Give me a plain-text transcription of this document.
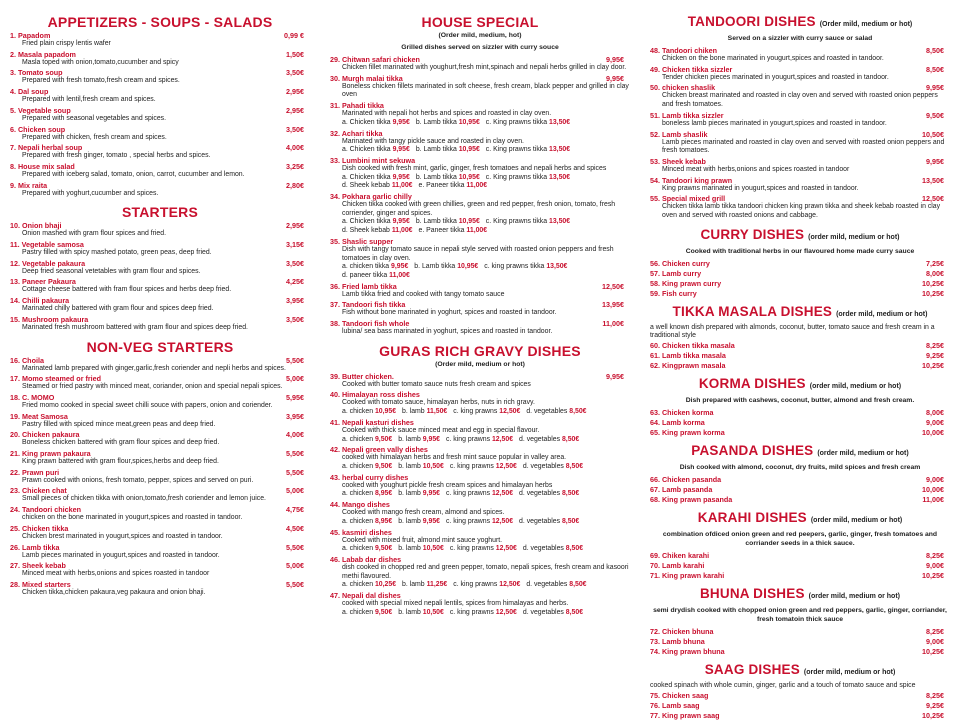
APPETIZERS - SOUPS - SALADS
1. Papadom	0,99 €
Fried plain crispy lentis wafer
2. Masala papadom	1,50€
Masla toped with onion,tomato,cucumber and spicy
3. Tomato soup	3,50€
Prepared with fresh tomato,fresh cream and spices.
4. Dal soup	2,95€
Prepared with lentil,fresh cream and spices.
5. Vegetable soup	2,95€
Prepared with seasonal vegetables and spices.
6. Chicken soup	3,50€
Prepared with chicken, fresh cream and spices.
7. Nepali herbal soup	4,00€
Prepared with fresh ginger, tomato , special herbs and spices.
8. House mix salad	3,25€
Prepared with iceberg salad, tomato, onion, carrot, cucumber and lemon.
9. Mix raita	2,80€
Prepared with yoghurt,cucumber and spices.
STARTERS
10. Onion bhaji	2,95€
Onion mashed with gram flour spices and fried.
11. Vegetable samosa	3,15€
Pastry filled with spicy mashed potato, green peas, deep fried.
12. Vegetable pakaura	3,50€
Deep fried seasonal vetetables with gram flour and spices.
13. Paneer Pakaura	4,25€
Cottage cheese battered with fram flour spices and herbs deep fried.
14. Chilli pakaura	3,95€
Marinated chilly battered with gram flour and spices deep fried.
15. Mushroom pakaura	3,50€
Marinated fresh mushroom battered with gram flour and spices deep fried.
NON-VEG STARTERS
16. Choila	5,50€
Marinated lamb prepared with ginger,garlic,fresh coriender and nepli herbs and spices.
17. Momo steamed or fried	5,00€
Steamed or fried pastry with minced meat, coriander, onion and special nepali spices.
18. C. MOMO	5,95€
Fried momo cooked in special sweet chilli souce with papers, onion and coriender.
19. Meat Samosa	3,95€
Pastry filled with spiced mince meat,green peas and deep fried.
20. Chicken pakaura	4,00€
Boneless chicken battered with gram flour spices and deep fried.
21. King prawn pakaura	5,50€
King prawn battered with gram flour,spices,herbs and deep fried.
22. Prawn puri	5,50€
Prawn cooked with onions, fresh tomato, pepper, spices and served on puri.
23. Chicken chat	5,00€
Small pieces of chicken tikka with onion,tomato,fresh coriender and lemon juice.
24. Tandoori chicken	4,75€
chicken on the bone marinated in yougurt,spices and roasted in tandoor.
25. Chicken tikka	4,50€
Chicken brest marinated in yougurt,spices and roasted in tandoor.
26. Lamb tikka	5,50€
Lamb pieces marinated in yougurt,spices and roasted in tandoor.
27. Sheek kebab	5,00€
Minced meat with herbs,onions and spices roasted in tandoor
28. Mixed starters	5,50€
Chicken tikka,chicken pakaura,veg pakaura and onion bhaji.
HOUSE SPECIAL
(Order mild, medium, hot)
Grilled dishes served on sizzler with curry souce
29. Chitwan safari chicken	9,95€
Chicken fillet marinated with youghurt,fresh mint,spinach and nepali herbs grilled in clay door.
30. Murgh malai tikka	9,95€
Boneless chicken fillets marinated in soft cheese, fresh cream, black pepper and grilled in clay oven
31. Pahadi tikka
Marinated with nepali hot herbs and spices and roasted in clay oven.
a. Chicken tikka 9,95€ b. Lamb tikka 10,95€ c. King prawns tikka 13,50€
32. Achari tikka
Marinated with tangy pickle sauce and roasted in clay oven.
a. Chicken tikka 9,95€ b. Lamb tikka 10,95€ c. King prawns tikka 13,50€
33. Lumbini mint sekuwa
Dish cooked with fresh mint, garlic, ginger, fresh tomatoes and nepali herbs and spices
a. Chicken tikka 9,95€ b. Lamb tikka 10,95€ c. King prawns tikka 13,50€
d. Sheek kebab 11,00€ e. Paneer tikka 11,00€
34. Pokhara garlic chilly
Chicken tikka cooked with green chillies, green and red pepper, fresh onion, tomato, fresh corriender, ginger and spices.
a. Chicken tikka 9,95€ b. Lamb tikka 10,95€ c. King prawns tikka 13,50€
d. Sheek kebab 11,00€ e. Paneer tikka 11,00€
35. Shaslic supper
Dish with tangy tomato sauce in nepali style served with roasted onion peppers and fresh tomatoes in clay oven.
a. chicken tikka 9,95€ b. Lamb tikka 10,95€ c. king prawns tikka 13,50€
d. paneer tikka 11,00€
36. Fried lamb tikka	12,50€
Lamb tikka fried and cooked with tangy tomato sauce
37. Tandoori fish tikka	13,95€
Fish without bone marinated in yoghurt, spices and roasted in tandoor.
38. Tandoori fish whole	11,00€
lubina/ sea bass marinated in yoghurt, spices and roasted in tandoor.
GURAS RICH GRAVY DISHES
(Order mild, medium or hot)
39. Butter chicken.	9,95€
Cooked with butter tomato sauce nuts fresh cream and spices
40. Himalayan ross dishes
Cooked with tomato sauce, himalayan herbs, nuts in rich gravy.
a. chicken 10,95€ b. lamb 11,50€ c. king prawns 12,50€ d. vegetables 8,50€
41. Nepali kasturi dishes
Cooked with thick sauce minced meat and egg in special flavour.
a. chicken 9,50€ b. lamb 9,95€ c. king prawns 12,50€ d. vegetables 8,50€
42. Nepali green vally dishes
cooked with himalayan herbs and fresh mint sauce popular in valley area.
a. chicken 9,50€ b. lamb 10,50€ c. king prawns 12,50€ d. vegetables 8,50€
43. herbal curry dishes
cooked with youghurt pickle fresh cream spices and himalayan herbs
a. chicken 8,95€ b. lamb 9,95€ c. king prawns 12,50€ d. vegetables 8,50€
44. Mango dishes
Cooked with mango fresh cream, almond and spices.
a. chicken 8,95€ b. lamb 9,95€ c. king prawns 12,50€ d. vegetables 8,50€
45. kasmiri dishes
Cooked with mixed fruit, almond mint sauce yoghurt.
a. chicken 9,50€ b. lamb 10,50€ c. king prawns 12,50€ d. vegetables 8,50€
46. Labab dar dishes
dish cooked in chopped red and green pepper, tomato, nepali spices, fresh cream and kasoori methi flavoured.
a. chicken 10,25€ b. lamb 11,25€ c. king prawns 12,50€ d. vegetables 8,50€
47. Nepali dal dishes
cooked with special mixed nepali lentils, spices from himalayas and herbs.
a. chicken 9,50€ b. lamb 10,50€ c. king prawns 12,50€ d. vegetables 8,50€
TANDOORI DISHES (Order mild, medium or hot)
Served on a sizzler with curry sauce or salad
48. Tandoori chiken	8,50€
Chicken on the bone marinated in yougurt,spices and roasted in tandoor.
49. Chicken tikka sizzler	8,50€
Tender chicken pieces marinated in yougurt,spices and roasted in tandoor.
50. chicken shaslik	9,95€
Chicken breast marinated and roasted in clay oven and served with roasted onion peppers and fresh tomatoes.
51. Lamb tikka sizzler	9,50€
boneless lamb pieces marinated in yougurt,spices and roasted in tandoor.
52. Lamb shaslik	10,50€
Lamb pieces marinated and roasted in clay oven and served with roasted onion peppers and fresh tomatoes.
53. Sheek kebab	9,95€
Minced meat with herbs,onions and spices roasted in tandoor
54. Tandoori king prawn	13,50€
King prawns marinated in yougurt,spices and roasted in tandoor.
55. Special mixed grill	12,50€
Chicken tikka lamb tikka tandoori chicken king prawn tikka and sheek kebab roasted in clay oven and served with roasted onions and cabbage.
CURRY DISHES (order mild, medium or hot)
Cooked with traditional herbs in our flavoured home made curry sauce
56. Chicken curry	7,25€
57. Lamb curry	8,00€
58. King prawn curry	10,25€
59. Fish curry	10,25€
TIKKA MASALA DISHES (order mild, medium or hot)
a well known dish prepared with almonds, coconut, butter, tomato sauce and fresh cream in a traditional style
60. Chicken tikka masala	8,25€
61. Lamb tikka masala	9,25€
62. Kingprawn masala	10,25€
KORMA DISHES (order mild, medium or hot)
Dish prepared with cashews, coconut, butter, almond and fresh cream.
63. Chicken korma	8,00€
64. Lamb korma	9,00€
65. King prawn korma	10,00€
PASANDA DISHES (order mild, medium or hot)
Dish cooked with almond, coconut, dry fruits, mild spices and fresh cream
66. Chicken pasanda	9,00€
67. Lamb pasanda	10,00€
68. King prawn pasanda	11,00€
KARAHI DISHES (order mild, medium or hot)
combination ofdiced onion green and red peepers, garlic, ginger, fresh tomatoes and corriander seeds in a thick sauce.
69. Chiken karahi	8,25€
70. Lamb karahi	9,00€
71. King prawn karahi	10,25€
BHUNA DISHES (order mild, medium or hot)
semi drydish cooked with chopped onion green and red peppers, garlic, ginger, corriander, fresh tomatoin thick sauce
72. Chicken bhuna	8,25€
73. Lamb bhuna	9,00€
74. King prawn bhuna	10,25€
SAAG DISHES (order mild, medium or hot)
cooked spinach with whole cumin, ginger, garlic and a touch of tomato sauce and spice
75. Chicken saag	8,25€
76. Lamb saag	9,25€
77. King prawn saag	10,25€
